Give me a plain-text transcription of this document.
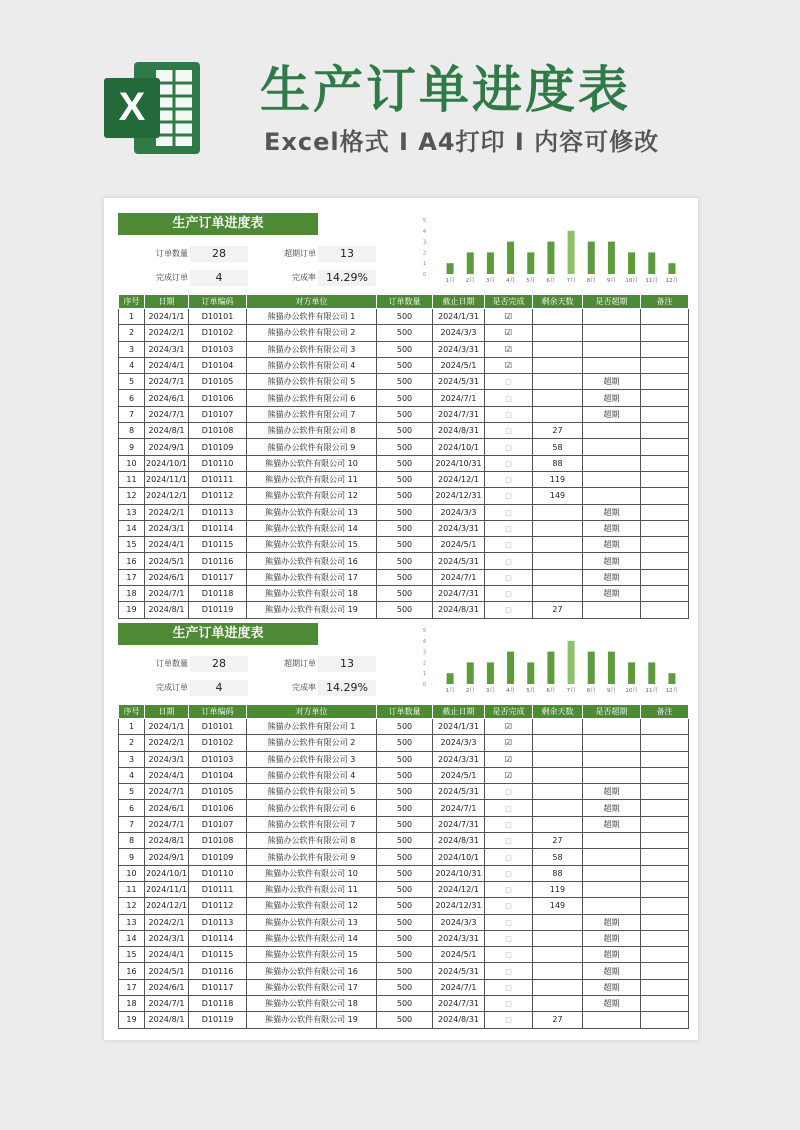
X 生产订单进度表
Excel格式 I A4打印 I 内容可修改
生产订单进度表
订单数量	28	超期订单	13
完成订单	4	完成率 14.29%	0
1
2
3
4
5
1月 2月 3月 4月 5月 6月 7月 8月 9月 10月 11月 12月
序号	日期	订单编码	对方单位	订单数量	截止日期	是否完成	剩余天数	是否超期	备注
1	2024/1/1	D10101	熊猫办公软件有限公司 1	500	2024/1/31	☑			
2	2024/2/1	D10102	熊猫办公软件有限公司 2	500	2024/3/3	☑			
3	2024/3/1	D10103	熊猫办公软件有限公司 3	500	2024/3/31	☑			
4	2024/4/1	D10104	熊猫办公软件有限公司 4	500	2024/5/1	☑			
5	2024/7/1	D10105	熊猫办公软件有限公司 5	500	2024/5/31	□		超期	
6	2024/6/1	D10106	熊猫办公软件有限公司 6	500	2024/7/1	□		超期	
7	2024/7/1	D10107	熊猫办公软件有限公司 7	500	2024/7/31	□		超期	
8	2024/8/1	D10108	熊猫办公软件有限公司 8	500	2024/8/31	□	27		
9	2024/9/1	D10109	熊猫办公软件有限公司 9	500	2024/10/1	□	58		
10	2024/10/1	D10110	熊猫办公软件有限公司 10	500	2024/10/31	□	88		
11	2024/11/1	D10111	熊猫办公软件有限公司 11	500	2024/12/1	□	119		
12	2024/12/1	D10112	熊猫办公软件有限公司 12	500	2024/12/31	□	149		
13	2024/2/1	D10113	熊猫办公软件有限公司 13	500	2024/3/3	□		超期	
14	2024/3/1	D10114	熊猫办公软件有限公司 14	500	2024/3/31	□		超期	
15	2024/4/1	D10115	熊猫办公软件有限公司 15	500	2024/5/1	□		超期	
16	2024/5/1	D10116	熊猫办公软件有限公司 16	500	2024/5/31	□		超期	
17	2024/6/1	D10117	熊猫办公软件有限公司 17	500	2024/7/1	□		超期	
18	2024/7/1	D10118	熊猫办公软件有限公司 18	500	2024/7/31	□		超期	
19	2024/8/1	D10119	熊猫办公软件有限公司 19	500	2024/8/31	□	27		
生产订单进度表
订单数量	28	超期订单	13
完成订单	4	完成率 14.29%	0
1
2
3
4
5
1月 2月 3月 4月 5月 6月 7月 8月 9月 10月 11月 12月
序号	日期	订单编码	对方单位	订单数量	截止日期	是否完成	剩余天数	是否超期	备注
1	2024/1/1	D10101	熊猫办公软件有限公司 1	500	2024/1/31	☑			
2	2024/2/1	D10102	熊猫办公软件有限公司 2	500	2024/3/3	☑			
3	2024/3/1	D10103	熊猫办公软件有限公司 3	500	2024/3/31	☑			
4	2024/4/1	D10104	熊猫办公软件有限公司 4	500	2024/5/1	☑			
5	2024/7/1	D10105	熊猫办公软件有限公司 5	500	2024/5/31	□		超期	
6	2024/6/1	D10106	熊猫办公软件有限公司 6	500	2024/7/1	□		超期	
7	2024/7/1	D10107	熊猫办公软件有限公司 7	500	2024/7/31	□		超期	
8	2024/8/1	D10108	熊猫办公软件有限公司 8	500	2024/8/31	□	27		
9	2024/9/1	D10109	熊猫办公软件有限公司 9	500	2024/10/1	□	58		
10	2024/10/1	D10110	熊猫办公软件有限公司 10	500	2024/10/31	□	88		
11	2024/11/1	D10111	熊猫办公软件有限公司 11	500	2024/12/1	□	119		
12	2024/12/1	D10112	熊猫办公软件有限公司 12	500	2024/12/31	□	149		
13	2024/2/1	D10113	熊猫办公软件有限公司 13	500	2024/3/3	□		超期	
14	2024/3/1	D10114	熊猫办公软件有限公司 14	500	2024/3/31	□		超期	
15	2024/4/1	D10115	熊猫办公软件有限公司 15	500	2024/5/1	□		超期	
16	2024/5/1	D10116	熊猫办公软件有限公司 16	500	2024/5/31	□		超期	
17	2024/6/1	D10117	熊猫办公软件有限公司 17	500	2024/7/1	□		超期	
18	2024/7/1	D10118	熊猫办公软件有限公司 18	500	2024/7/31	□		超期	
19	2024/8/1	D10119	熊猫办公软件有限公司 19	500	2024/8/31	□	27		
